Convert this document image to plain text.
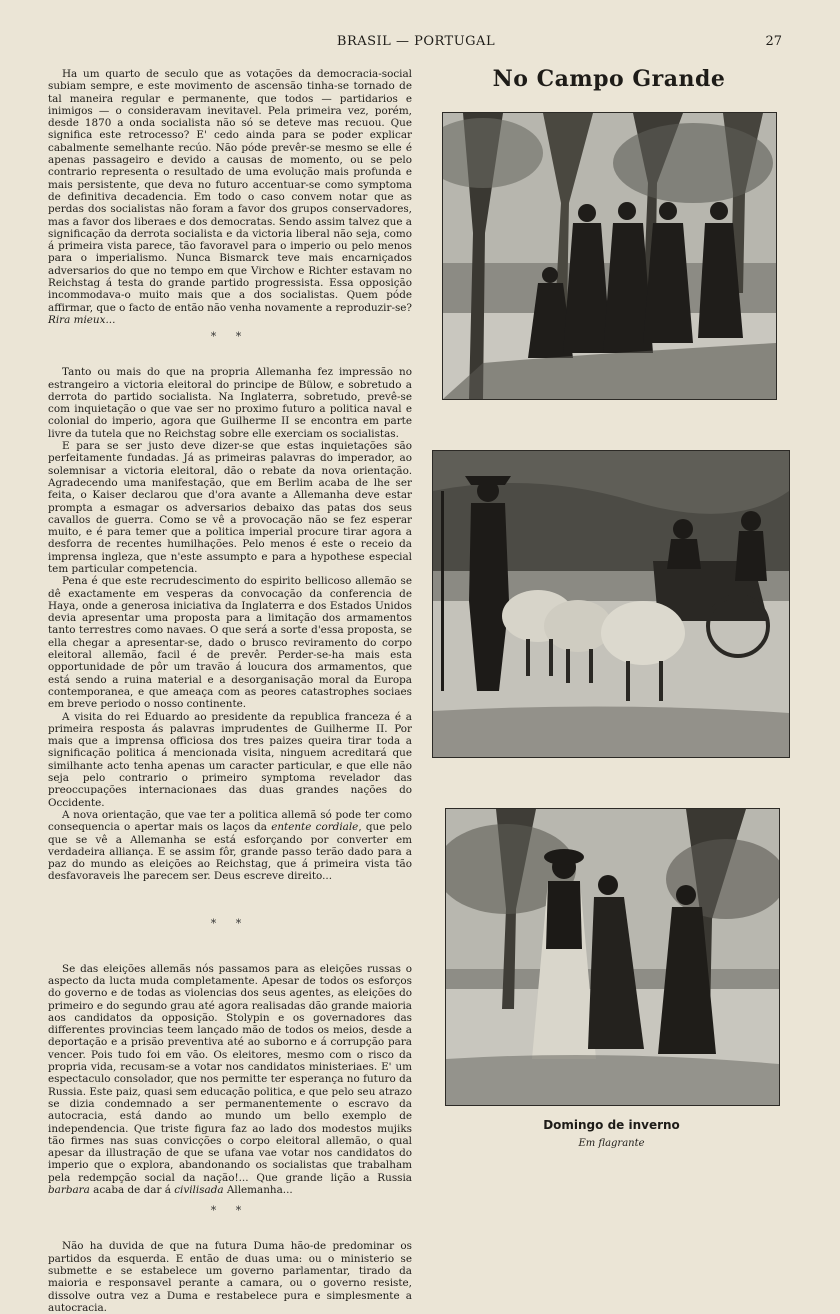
BRASIL — PORTUGAL	27

Ha um quarto de seculo que as votações da democracia-social subiam sempre, e este movimento de ascensão tinha-se tornado de tal maneira regular e permanente, que todos — partidarios e inimigos — o consideravam inevitavel. Pela primeira vez, porém, desde 1870 a onda socialista não só se deteve mas recuou. Que significa este retrocesso? E' cedo ainda para se poder explicar cabalmente semelhante recúo. Não póde prevêr-se mesmo se elle é apenas passageiro e devido a causas de momento, ou se pelo contrario representa o resultado de uma evolução mais profunda e mais persistente, que deva no futuro accentuar-se como symptoma de definitiva decadencia. Em todo o caso convem notar que as perdas dos socialistas não foram a favor dos grupos conservadores, mas a favor dos liberaes e dos democratas. Sendo assim talvez que a significação da derrota socialista e da victoria liberal não seja, como á primeira vista parece, tão favoravel para o imperio ou pelo menos para o imperialismo. Nunca Bismarck teve mais encarniçados adversarios do que no tempo em que Virchow e Richter estavam no Reichstag á testa do grande partido progressista. Essa opposição incommodava-o muito mais que a dos socialistas. Quem póde affirmar, que o facto de então não venha novamente a reproduzir-se? Rira mieux...

* *

Tanto ou mais do que na propria Allemanha fez impressão no estrangeiro a victoria eleitoral do principe de Bülow, e sobretudo a derrota do partido socialista. Na Inglaterra, sobretudo, prevê-se com inquietação o que vae ser no proximo futuro a politica naval e colonial do imperio, agora que Guilherme II se encontra em parte livre da tutela que no Reichstag sobre elle exerciam os socialistas.

E para se ser justo deve dizer-se que estas inquietações são perfeitamente fundadas. Já as primeiras palavras do imperador, ao solemnisar a victoria eleitoral, dão o rebate da nova orientação. Agradecendo uma manifestação, que em Berlim acaba de lhe ser feita, o Kaiser declarou que d'ora avante a Allemanha deve estar prompta a esmagar os adversarios debaixo das patas dos seus cavallos de guerra. Como se vê a provocação não se fez esperar muito, e é para temer que a politica imperial procure tirar agora a desforra de recentes humilhações. Pelo menos é este o receio da imprensa ingleza, que n'este assumpto e para a hypothese especial tem particular competencia.

Pena é que este recrudescimento do espirito bellicoso allemão se dê exactamente em vesperas da convocação da conferencia de Haya, onde a generosa iniciativa da Inglaterra e dos Estados Unidos devia apresentar uma proposta para a limitação dos armamentos tanto terrestres como navaes. O que será a sorte d'essa proposta, se ella chegar a apresentar-se, dado o brusco reviramento do corpo eleitoral allemão, facil é de prevêr. Perder-se-ha mais esta opportunidade de pôr um travão á loucura dos armamentos, que está sendo a ruina material e a desorganisação moral da Europa contemporanea, e que ameaça com as peores catastrophes sociaes em breve periodo o nosso continente.

A visita do rei Eduardo ao presidente da republica franceza é a primeira resposta ás palavras imprudentes de Guilherme II. Por mais que a imprensa officiosa dos tres paizes queira tirar toda a significação politica á mencionada visita, ninguem acreditará que similhante acto tenha apenas um caracter particular, e que elle não seja pelo contrario o primeiro symptoma revelador das preoccupações internacionaes das duas grandes nações do Occidente.

A nova orientação, que vae ter a politica allemã só pode ter como consequencia o apertar mais os laços da entente cordiale, que pelo que se vê a Allemanha se está esforçando por converter em verdadeira alliança. E se assim fôr, grande passo terão dado para a paz do mundo as eleições ao Reichstag, que á primeira vista tão desfavoraveis lhe parecem ser. Deus escreve direito...

* *

Se das eleições allemãs nós passamos para as eleições russas o aspecto da lucta muda completamente. Apesar de todos os esforços do governo e de todas as violencias dos seus agentes, as eleições do primeiro e do segundo grau até agora realisadas dão grande maioria aos candidatos da opposição. Stolypin e os governadores das differentes provincias teem lançado mão de todos os meios, desde a deportação e a prisão preventiva até ao suborno e á corrupção para vencer. Pois tudo foi em vão. Os eleitores, mesmo com o risco da propria vida, recusam-se a votar nos candidatos ministeriaes. E' um espectaculo consolador, que nos permitte ter esperança no futuro da Russia. Este paiz, quasi sem educação politica, e que pelo seu atrazo se dizia condemnado a ser permanentemente o escravo da autocracia, está dando ao mundo um bello exemplo de independencia. Que triste figura faz ao lado dos modestos mujiks tão firmes nas suas convicções o corpo eleitoral allemão, o qual apesar da illustração de que se ufana vae votar nos candidatos do imperio que o explora, abandonando os socialistas que trabalham pela redempção social da nação!... Que grande lição a Russia barbara acaba de dar á civilisada Allemanha...

* *

Não ha duvida de que na futura Duma hão-de predominar os partidos da esquerda. E então de duas uma: ou o ministerio se submette e se estabelece um governo parlamentar, tirado da maioria e responsavel perante a camara, ou o governo resiste, dissolve outra vez a Duma e restabelece pura e simplesmente a autocracia.

No Campo Grande
Domingo de inverno
Em flagrante
